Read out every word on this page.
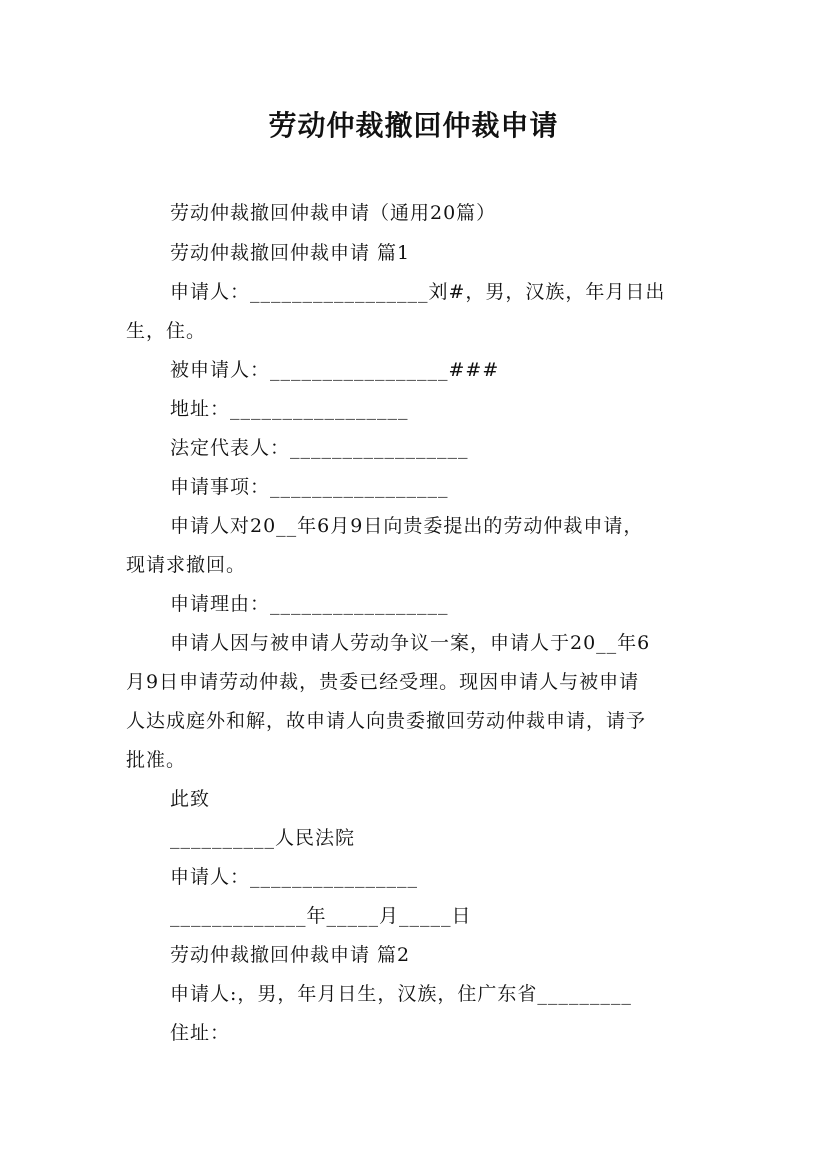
劳动仲裁撤回仲裁申请
劳动仲裁撤回仲裁申请（通用20篇）
劳动仲裁撤回仲裁申请 篇1
申请人：_________________刘#，男，汉族，年月日出
生，住。
被申请人：_________________###
地址：_________________
法定代表人：_________________
申请事项：_________________
申请人对20__年6月9日向贵委提出的劳动仲裁申请，
现请求撤回。
申请理由：_________________
申请人因与被申请人劳动争议一案，申请人于20__年6
月9日申请劳动仲裁，贵委已经受理。现因申请人与被申请
人达成庭外和解，故申请人向贵委撤回劳动仲裁申请，请予
批准。
此致
__________人民法院
申请人：________________
_____________年_____月_____日
劳动仲裁撤回仲裁申请 篇2
申请人:，男，年月日生，汉族，住广东省_________
住址：
